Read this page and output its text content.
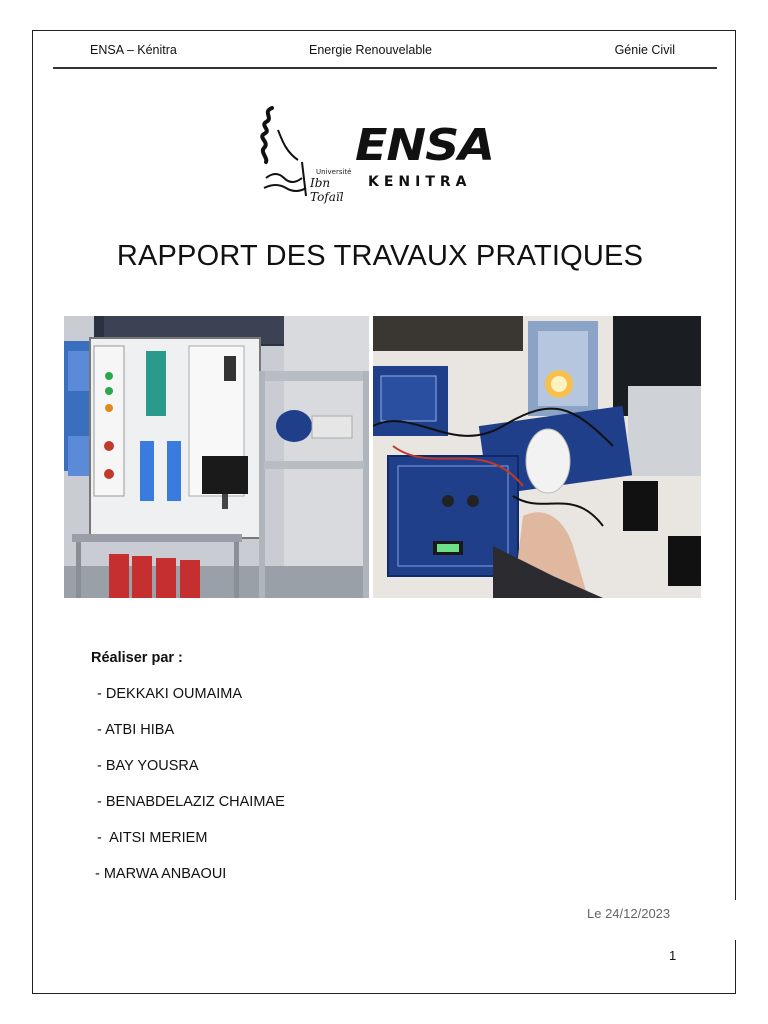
ENSA – Kénitra	Energie Renouvelable	Génie Civil
Université
Ibn Tofaïl
ENSA
KENITRA
RAPPORT DES TRAVAUX PRATIQUES
Réaliser par :
- DEKKAKI OUMAIMA
- ATBI HIBA
- BAY YOUSRA
- BENABDELAZIZ CHAIMAE
-  AITSI MERIEM
- MARWA ANBAOUI
Le 24/12/2023
1
